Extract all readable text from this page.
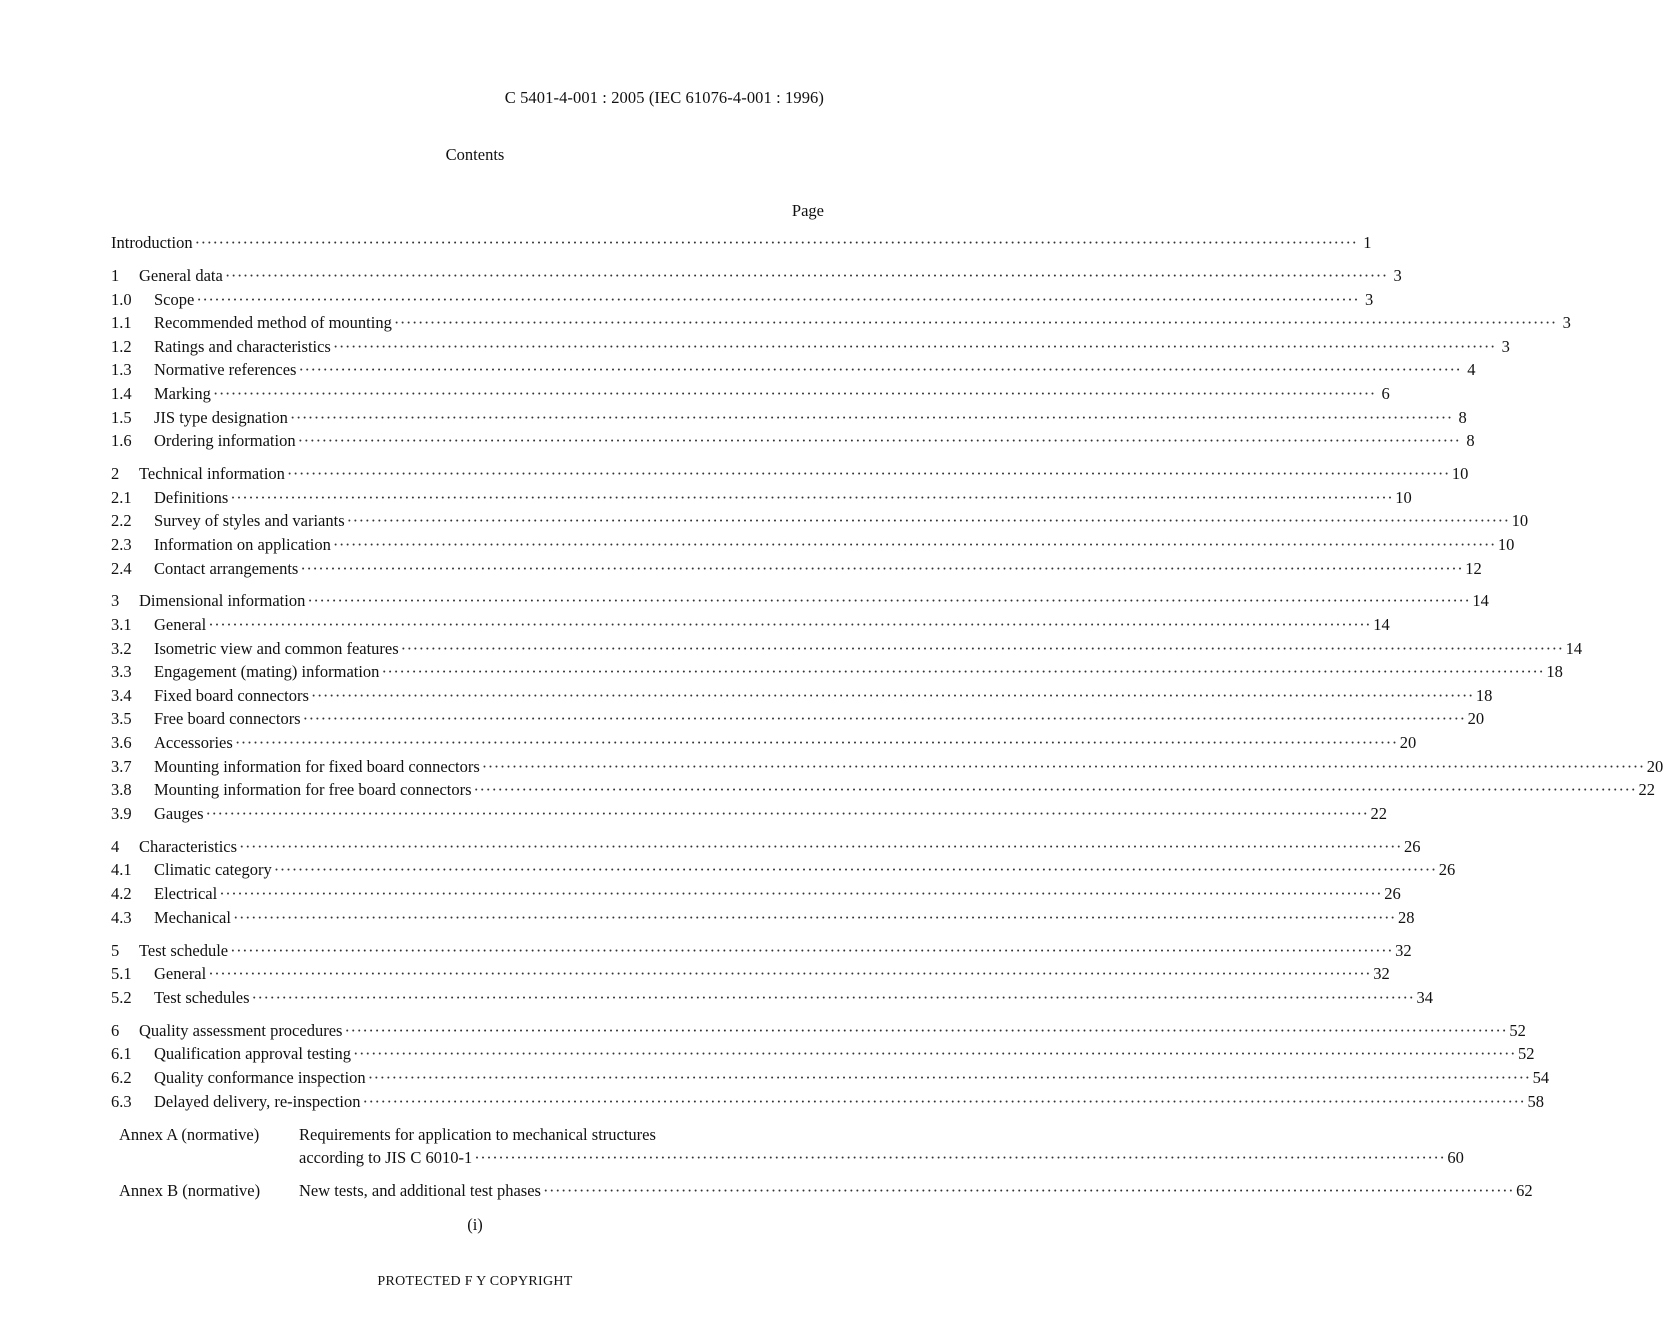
C 5401-4-001 : 2005 (IEC 61076-4-001 : 1996)
Contents
Page
Introduction ·····	1
1	General data ·····	3
1.0	Scope ·····	3
1.1	Recommended method of mounting ·····	3
1.2	Ratings and characteristics ·····	3
1.3	Normative references ·····	4
1.4	Marking ·····	6
1.5	JIS type designation ·····	8
1.6	Ordering information ·····	8
2	Technical information ·····	10
2.1	Definitions ·····	10
2.2	Survey of styles and variants ·····	10
2.3	Information on application ·····	10
2.4	Contact arrangements ·····	12
3	Dimensional information ·····	14
3.1	General ·····	14
3.2	Isometric view and common features ·····	14
3.3	Engagement (mating) information ·····	18
3.4	Fixed board connectors ·····	18
3.5	Free board connectors ·····	20
3.6	Accessories ·····	20
3.7	Mounting information for fixed board connectors ·····	20
3.8	Mounting information for free board connectors ·····	22
3.9	Gauges ·····	22
4	Characteristics ·····	26
4.1	Climatic category ·····	26
4.2	Electrical ·····	26
4.3	Mechanical ·····	28
5	Test schedule ·····	32
5.1	General ·····	32
5.2	Test schedules ·····	34
6	Quality assessment procedures ·····	52
6.1	Qualification approval testing ·····	52
6.2	Quality conformance inspection ·····	54
6.3	Delayed delivery, re-inspection ·····	58
Annex A (normative)	Requirements for application to mechanical structures
according to JIS C 6010-1 ·····	60
Annex B (normative)	New tests, and additional test phases ·····	62
(i)
PROTECTED F Y COPYRIGHT
